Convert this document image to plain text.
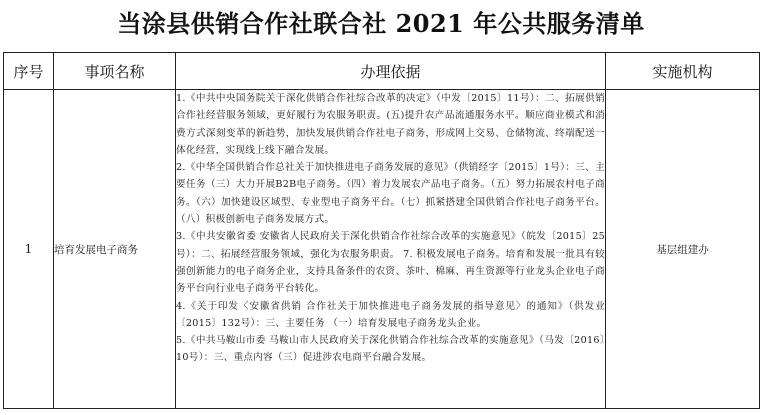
当涂县供销合作社联合社 2021 年公共服务清单
序号	事项名称	办理依据	实施机构
1	培育发展电子商务	1.《中共中央国务院关于深化供销合作社综合改革的决定》（中发〔2015〕11号）：二、拓展供销合作社经营服务领域，更好履行为农服务职责。(五)提升农产品流通服务水平。顺应商业模式和消费方式深刻变革的新趋势，加快发展供销合作社电子商务，形成网上交易、仓储物流、终端配送一体化经营，实现线上线下融合发展。
2.《中华全国供销合作总社关于加快推进电子商务发展的意见》（供销经字〔2015〕1号）：三、主要任务（三）大力开展B2B电子商务。（四）着力发展农产品电子商务。（五）努力拓展农村电子商务。（六）加快建设区域型、专业型电子商务平台。（七）抓紧搭建全国供销合作社电子商务平台。（八）积极创新电子商务发展方式。
3.《中共安徽省委 安徽省人民政府关于深化供销合作社综合改革的实施意见》（皖发〔2015〕25号）：二、拓展经营服务领域，强化为农服务职责。 7. 积极发展电子商务。培育和发展一批具有较强创新能力的电子商务企业，支持具备条件的农资、茶叶、棉麻、再生资源等行业龙头企业电子商务平台向行业电子商务平台转化。
4.《关于印发〈安徽省供销 合作社关于加快推进电子商务发展的指导意见〉的通知》（供发业〔2015〕132号）：三、主要任务 （一）培育发展电子商务龙头企业。
5.《中共马鞍山市委 马鞍山市人民政府关于深化供销合作社综合改革的实施意见》（马发〔2016〕10号）：三、重点内容（三）促进涉农电商平台融合发展。	基层组建办
